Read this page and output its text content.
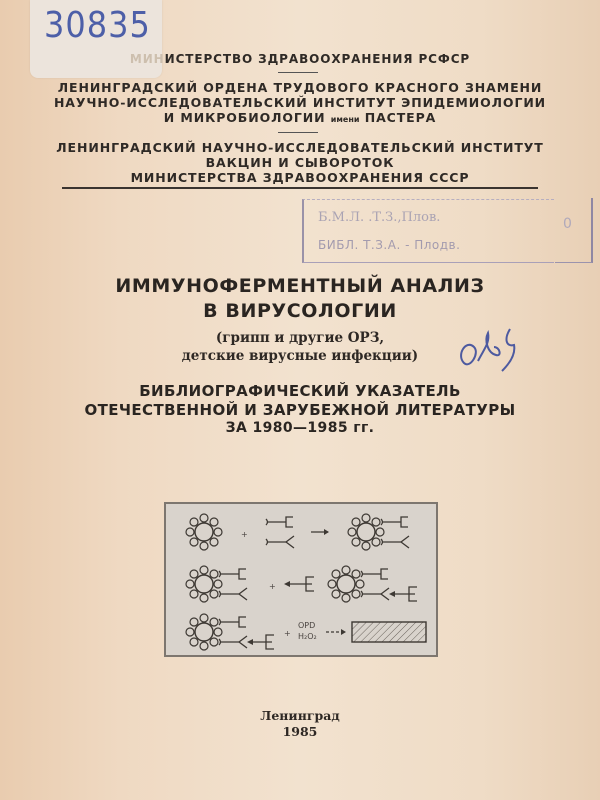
30835
МИНИСТЕРСТВО ЗДРАВООХРАНЕНИЯ РСФСР
ЛЕНИНГРАДСКИЙ ОРДЕНА ТРУДОВОГО КРАСНОГО ЗНАМЕНИ
НАУЧНО-ИССЛЕДОВАТЕЛЬСКИЙ ИНСТИТУТ ЭПИДЕМИОЛОГИИ
И МИКРОБИОЛОГИИ имени ПАСТЕРА
ЛЕНИНГРАДСКИЙ НАУЧНО-ИССЛЕДОВАТЕЛЬСКИЙ ИНСТИТУТ
ВАКЦИН И СЫВОРОТОК
МИНИСТЕРСТВА ЗДРАВООХРАНЕНИЯ СССР
Б.М.Л. .Т.З.,Плов.
БИБЛ. Т.З.А. - Плодв.
0
ИММУНОФЕРМЕНТНЫЙ АНАЛИЗ
В ВИРУСОЛОГИИ
(грипп и другие ОРЗ,
детские вирусные инфекции)
БИБЛИОГРАФИЧЕСКИЙ УКАЗАТЕЛЬ
ОТЕЧЕСТВЕННОЙ И ЗАРУБЕЖНОЙ ЛИТЕРАТУРЫ
ЗА 1980—1985 гг.
+
+
+
OPD
H₂O₂
Ленинград
1985
